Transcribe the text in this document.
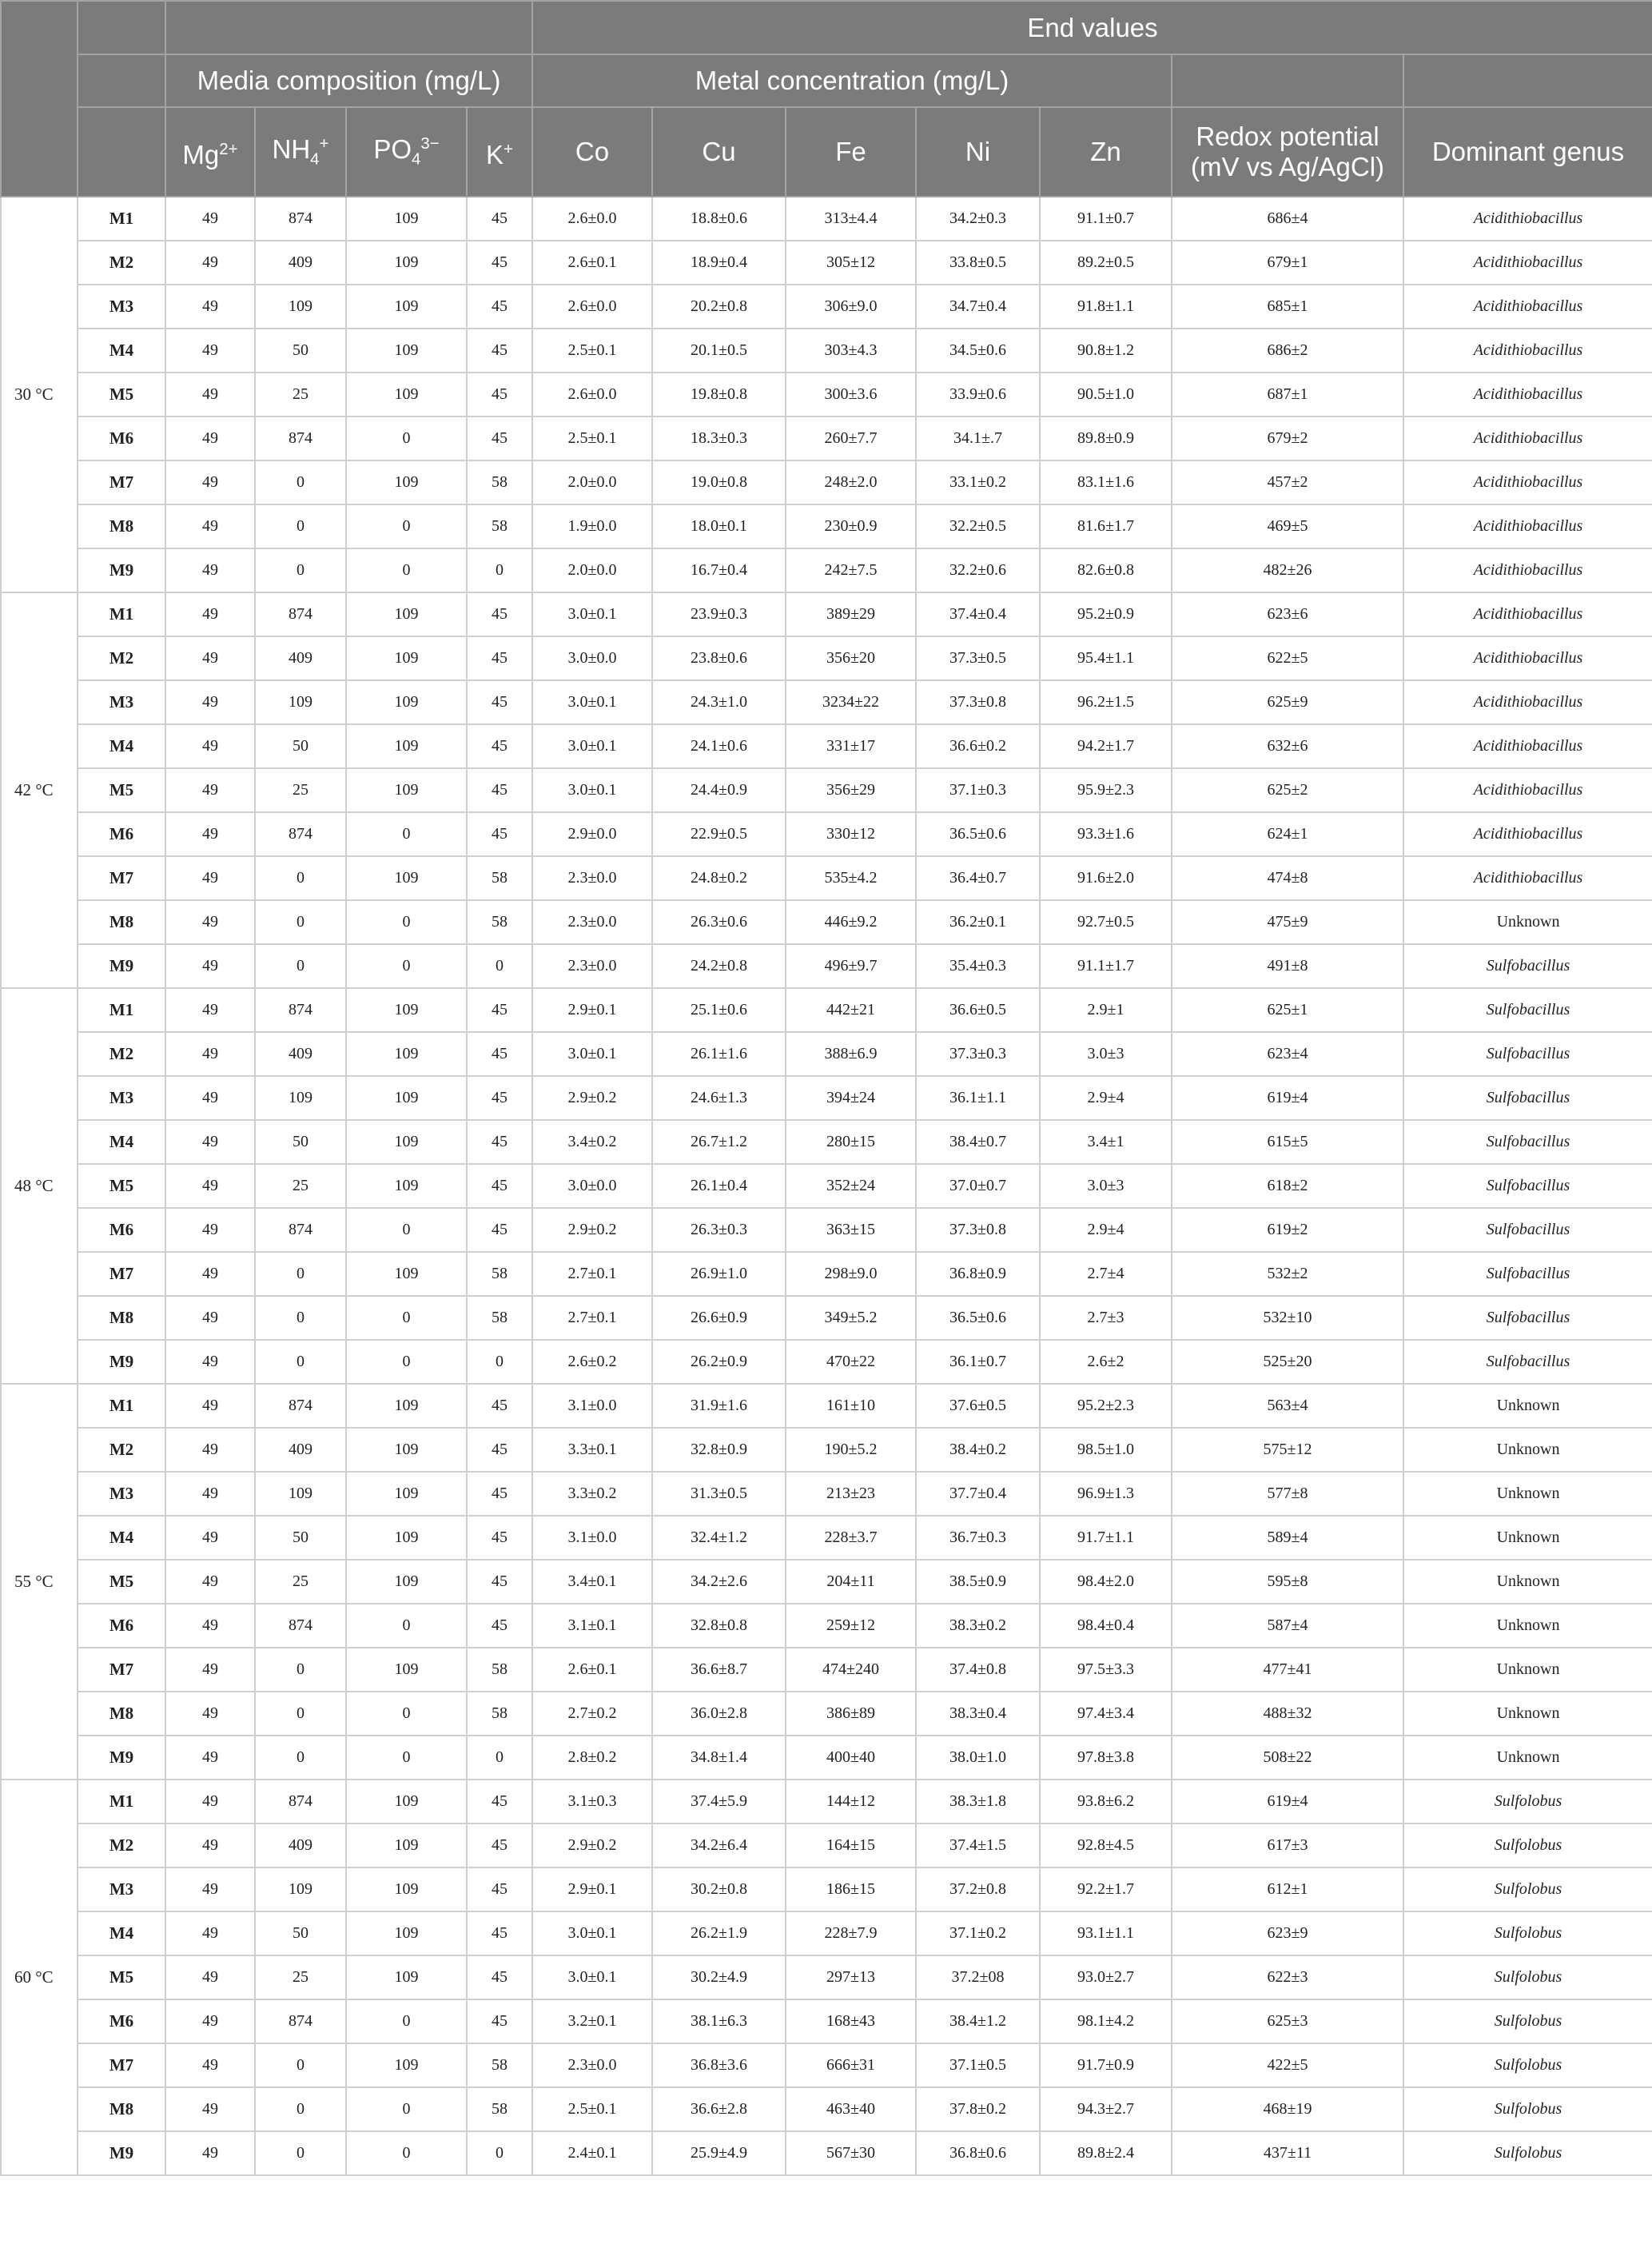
						End values						
		Media composition (mg/L)				Metal concentration (mg/L)						
		$Mg^{2+}$	$NH_4^+$	$PO_4^{3-}$	K+	Co	Cu	Fe	Ni	Zn	Redox potential (mV vs Ag/AgCl)	Dominant genus
30 °C	M1	49	874	109	45	2.6±0.0	18.8±0.6	313±4.4	34.2±0.3	91.1±0.7	686±4	Acidithiobacillus
	M2	49	409	109	45	2.6±0.1	18.9±0.4	305±12	33.8±0.5	89.2±0.5	679±1	Acidithiobacillus
	M3	49	109	109	45	2.6±0.0	20.2±0.8	306±9.0	34.7±0.4	91.8±1.1	685±1	Acidithiobacillus
	M4	49	50	109	45	2.5±0.1	20.1±0.5	303±4.3	34.5±0.6	90.8±1.2	686±2	Acidithiobacillus
	M5	49	25	109	45	2.6±0.0	19.8±0.8	300±3.6	33.9±0.6	90.5±1.0	687±1	Acidithiobacillus
	M6	49	874	0	45	2.5±0.1	18.3±0.3	260±7.7	34.1±.7	89.8±0.9	679±2	Acidithiobacillus
	M7	49	0	109	58	2.0±0.0	19.0±0.8	248±2.0	33.1±0.2	83.1±1.6	457±2	Acidithiobacillus
	M8	49	0	0	58	1.9±0.0	18.0±0.1	230±0.9	32.2±0.5	81.6±1.7	469±5	Acidithiobacillus
	M9	49	0	0	0	2.0±0.0	16.7±0.4	242±7.5	32.2±0.6	82.6±0.8	482±26	Acidithiobacillus
42 °C	M1	49	874	109	45	3.0±0.1	23.9±0.3	389±29	37.4±0.4	95.2±0.9	623±6	Acidithiobacillus
	M2	49	409	109	45	3.0±0.0	23.8±0.6	356±20	37.3±0.5	95.4±1.1	622±5	Acidithiobacillus
	M3	49	109	109	45	3.0±0.1	24.3±1.0	3234±22	37.3±0.8	96.2±1.5	625±9	Acidithiobacillus
	M4	49	50	109	45	3.0±0.1	24.1±0.6	331±17	36.6±0.2	94.2±1.7	632±6	Acidithiobacillus
	M5	49	25	109	45	3.0±0.1	24.4±0.9	356±29	37.1±0.3	95.9±2.3	625±2	Acidithiobacillus
	M6	49	874	0	45	2.9±0.0	22.9±0.5	330±12	36.5±0.6	93.3±1.6	624±1	Acidithiobacillus
	M7	49	0	109	58	2.3±0.0	24.8±0.2	535±4.2	36.4±0.7	91.6±2.0	474±8	Acidithiobacillus
	M8	49	0	0	58	2.3±0.0	26.3±0.6	446±9.2	36.2±0.1	92.7±0.5	475±9	Unknown
	M9	49	0	0	0	2.3±0.0	24.2±0.8	496±9.7	35.4±0.3	91.1±1.7	491±8	Sulfobacillus
48 °C	M1	49	874	109	45	2.9±0.1	25.1±0.6	442±21	36.6±0.5	2.9±1	625±1	Sulfobacillus
	M2	49	409	109	45	3.0±0.1	26.1±1.6	388±6.9	37.3±0.3	3.0±3	623±4	Sulfobacillus
	M3	49	109	109	45	2.9±0.2	24.6±1.3	394±24	36.1±1.1	2.9±4	619±4	Sulfobacillus
	M4	49	50	109	45	3.4±0.2	26.7±1.2	280±15	38.4±0.7	3.4±1	615±5	Sulfobacillus
	M5	49	25	109	45	3.0±0.0	26.1±0.4	352±24	37.0±0.7	3.0±3	618±2	Sulfobacillus
	M6	49	874	0	45	2.9±0.2	26.3±0.3	363±15	37.3±0.8	2.9±4	619±2	Sulfobacillus
	M7	49	0	109	58	2.7±0.1	26.9±1.0	298±9.0	36.8±0.9	2.7±4	532±2	Sulfobacillus
	M8	49	0	0	58	2.7±0.1	26.6±0.9	349±5.2	36.5±0.6	2.7±3	532±10	Sulfobacillus
	M9	49	0	0	0	2.6±0.2	26.2±0.9	470±22	36.1±0.7	2.6±2	525±20	Sulfobacillus
55 °C	M1	49	874	109	45	3.1±0.0	31.9±1.6	161±10	37.6±0.5	95.2±2.3	563±4	Unknown
	M2	49	409	109	45	3.3±0.1	32.8±0.9	190±5.2	38.4±0.2	98.5±1.0	575±12	Unknown
	M3	49	109	109	45	3.3±0.2	31.3±0.5	213±23	37.7±0.4	96.9±1.3	577±8	Unknown
	M4	49	50	109	45	3.1±0.0	32.4±1.2	228±3.7	36.7±0.3	91.7±1.1	589±4	Unknown
	M5	49	25	109	45	3.4±0.1	34.2±2.6	204±11	38.5±0.9	98.4±2.0	595±8	Unknown
	M6	49	874	0	45	3.1±0.1	32.8±0.8	259±12	38.3±0.2	98.4±0.4	587±4	Unknown
	M7	49	0	109	58	2.6±0.1	36.6±8.7	474±240	37.4±0.8	97.5±3.3	477±41	Unknown
	M8	49	0	0	58	2.7±0.2	36.0±2.8	386±89	38.3±0.4	97.4±3.4	488±32	Unknown
	M9	49	0	0	0	2.8±0.2	34.8±1.4	400±40	38.0±1.0	97.8±3.8	508±22	Unknown
60 °C	M1	49	874	109	45	3.1±0.3	37.4±5.9	144±12	38.3±1.8	93.8±6.2	619±4	Sulfolobus
	M2	49	409	109	45	2.9±0.2	34.2±6.4	164±15	37.4±1.5	92.8±4.5	617±3	Sulfolobus
	M3	49	109	109	45	2.9±0.1	30.2±0.8	186±15	37.2±0.8	92.2±1.7	612±1	Sulfolobus
	M4	49	50	109	45	3.0±0.1	26.2±1.9	228±7.9	37.1±0.2	93.1±1.1	623±9	Sulfolobus
	M5	49	25	109	45	3.0±0.1	30.2±4.9	297±13	37.2±08	93.0±2.7	622±3	Sulfolobus
	M6	49	874	0	45	3.2±0.1	38.1±6.3	168±43	38.4±1.2	98.1±4.2	625±3	Sulfolobus
	M7	49	0	109	58	2.3±0.0	36.8±3.6	666±31	37.1±0.5	91.7±0.9	422±5	Sulfolobus
	M8	49	0	0	58	2.5±0.1	36.6±2.8	463±40	37.8±0.2	94.3±2.7	468±19	Sulfolobus
	M9	49	0	0	0	2.4±0.1	25.9±4.9	567±30	36.8±0.6	89.8±2.4	437±11	Sulfolobus
